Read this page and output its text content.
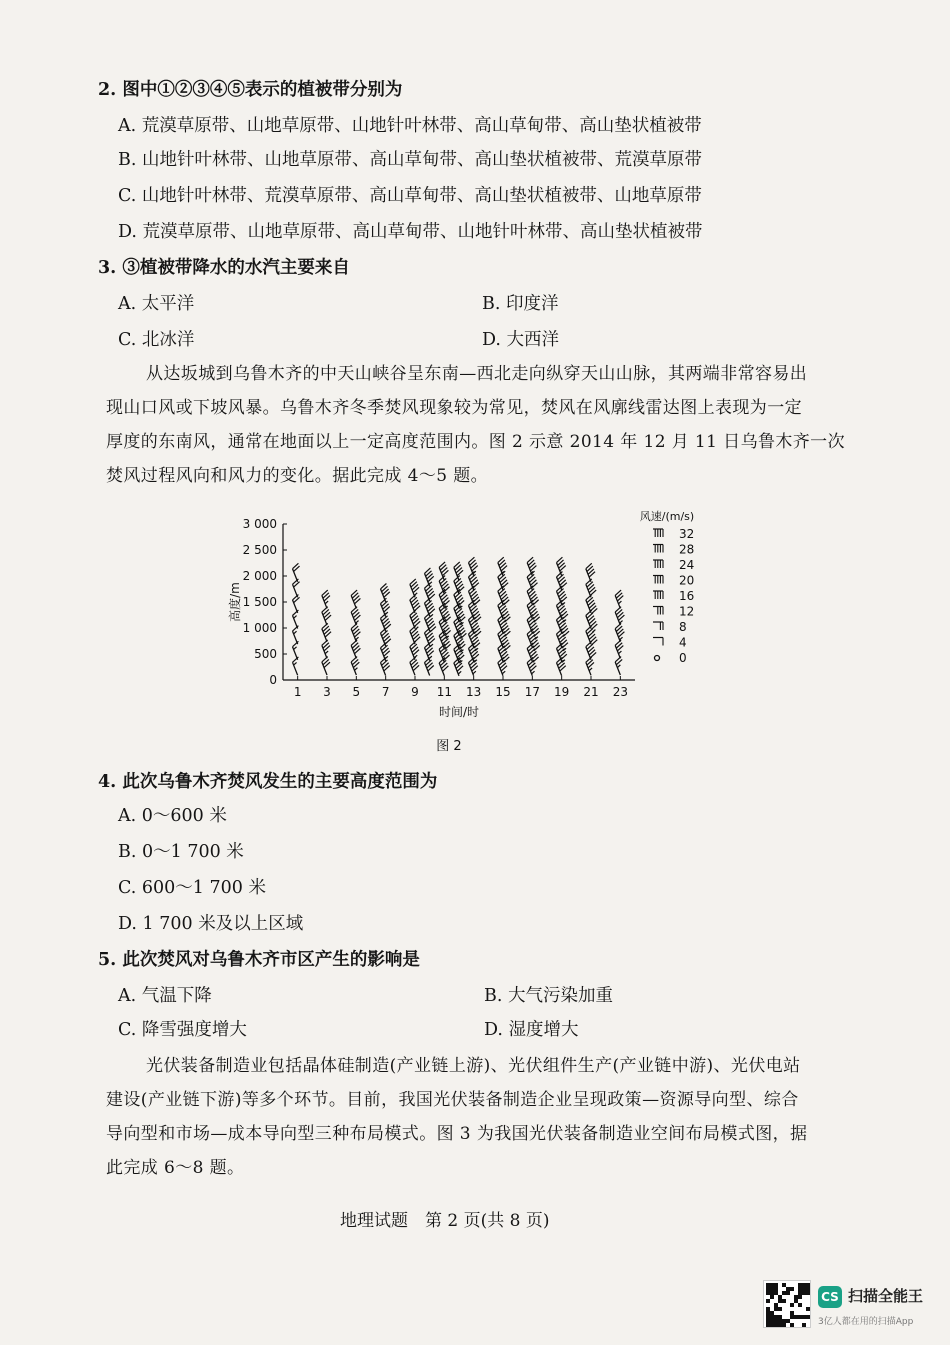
2. 图中①②③④⑤表示的植被带分别为
A. 荒漠草原带、山地草原带、山地针叶林带、高山草甸带、高山垫状植被带
B. 山地针叶林带、山地草原带、高山草甸带、高山垫状植被带、荒漠草原带
C. 山地针叶林带、荒漠草原带、高山草甸带、高山垫状植被带、山地草原带
D. 荒漠草原带、山地草原带、高山草甸带、山地针叶林带、高山垫状植被带
3. ③植被带降水的水汽主要来自
A. 太平洋	B. 印度洋
C. 北冰洋	D. 大西洋
从达坂城到乌鲁木齐的中天山峡谷呈东南—西北走向纵穿天山山脉，其两端非常容易出
现山口风或下坡风暴。乌鲁木齐冬季焚风现象较为常见，焚风在风廓线雷达图上表现为一定
厚度的东南风，通常在地面以上一定高度范围内。图 2 示意 2014 年 12 月 11 日乌鲁木齐一次
焚风过程风向和风力的变化。据此完成 4～5 题。
0
500
1 000
1 500
2 000
2 500
3 000
1 3 5 7 9 11 13 15 17 19 21 23
时间/时
高度/m
风速/(m/s)
32
28
24
20
16
12
8
4
0
图 2
4. 此次乌鲁木齐焚风发生的主要高度范围为
A. 0～600 米
B. 0～1 700 米
C. 600～1 700 米
D. 1 700 米及以上区域
5. 此次焚风对乌鲁木齐市区产生的影响是
A. 气温下降	B. 大气污染加重
C. 降雪强度增大	D. 湿度增大
光伏装备制造业包括晶体硅制造(产业链上游)、光伏组件生产(产业链中游)、光伏电站
建设(产业链下游)等多个环节。目前，我国光伏装备制造企业呈现政策—资源导向型、综合
导向型和市场—成本导向型三种布局模式。图 3 为我国光伏装备制造业空间布局模式图，据
此完成 6～8 题。
地理试题　第 2 页(共 8 页)
CS 扫描全能王
3亿人都在用的扫描App
